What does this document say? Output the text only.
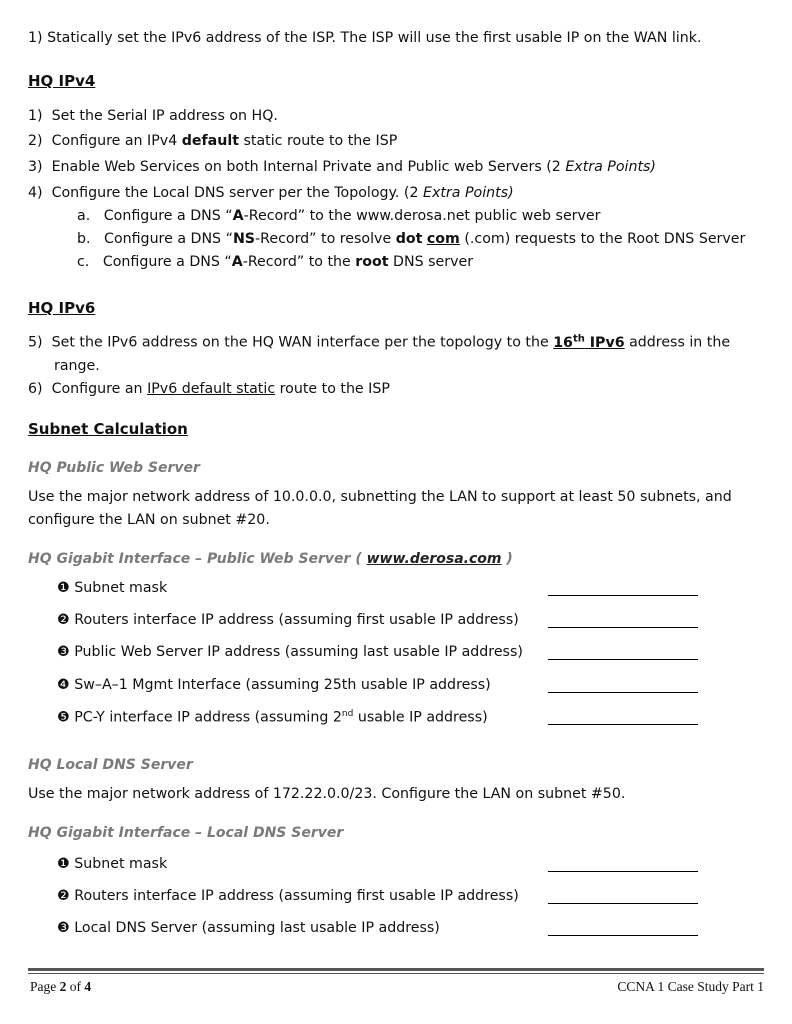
1) Statically set the IPv6 address of the ISP. The ISP will use the first usable IP on the WAN link.
HQ IPv4
1) Set the Serial IP address on HQ.
2) Configure an IPv4 default static route to the ISP
3) Enable Web Services on both Internal Private and Public web Servers (2 Extra Points)
4) Configure the Local DNS server per the Topology. (2 Extra Points)
a. Configure a DNS “A-Record” to the www.derosa.net public web server
b. Configure a DNS “NS-Record” to resolve dot com (.com) requests to the Root DNS Server
c. Configure a DNS “A-Record” to the root DNS server
HQ IPv6
5) Set the IPv6 address on the HQ WAN interface per the topology to the 16th IPv6 address in the
range.
6) Configure an IPv6 default static route to the ISP
Subnet Calculation
HQ Public Web Server
Use the major network address of 10.0.0.0, subnetting the LAN to support at least 50 subnets, and
configure the LAN on subnet #20.
HQ Gigabit Interface – Public Web Server ( www.derosa.com )
❶ Subnet mask
❷ Routers interface IP address (assuming first usable IP address)
❸ Public Web Server IP address (assuming last usable IP address)
❹ Sw–A–1 Mgmt Interface (assuming 25th usable IP address)
❺ PC-Y interface IP address (assuming 2nd usable IP address)
HQ Local DNS Server
Use the major network address of 172.22.0.0/23. Configure the LAN on subnet #50.
HQ Gigabit Interface – Local DNS Server
❶ Subnet mask
❷ Routers interface IP address (assuming first usable IP address)
❸ Local DNS Server (assuming last usable IP address)
Page 2 of 4	CCNA 1 Case Study Part 1
